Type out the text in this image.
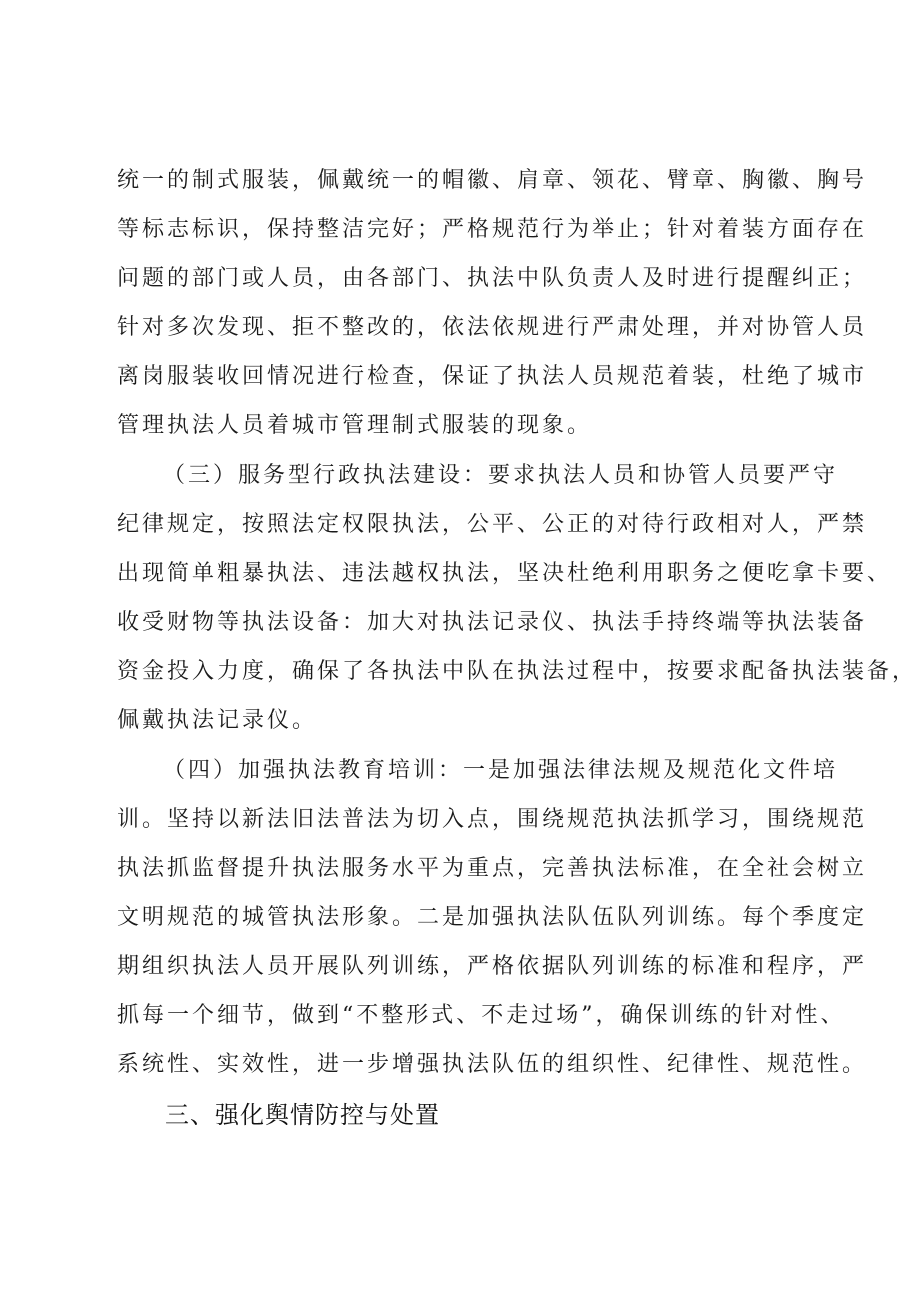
统一的制式服装，佩戴统一的帽徽、肩章、领花、臂章、胸徽、胸号
等标志标识，保持整洁完好；严格规范行为举止；针对着装方面存在
问题的部门或人员，由各部门、执法中队负责人及时进行提醒纠正；
针对多次发现、拒不整改的，依法依规进行严肃处理，并对协管人员
离岗服装收回情况进行检查，保证了执法人员规范着装，杜绝了城市
管理执法人员着城市管理制式服装的现象。
（三）服务型行政执法建设：要求执法人员和协管人员要严守
纪律规定，按照法定权限执法，公平、公正的对待行政相对人，严禁
出现简单粗暴执法、违法越权执法，坚决杜绝利用职务之便吃拿卡要、
收受财物等执法设备：加大对执法记录仪、执法手持终端等执法装备
资金投入力度，确保了各执法中队在执法过程中，按要求配备执法装备，
佩戴执法记录仪。
（四）加强执法教育培训：一是加强法律法规及规范化文件培
训。坚持以新法旧法普法为切入点，围绕规范执法抓学习，围绕规范
执法抓监督提升执法服务水平为重点，完善执法标准，在全社会树立
文明规范的城管执法形象。二是加强执法队伍队列训练。每个季度定
期组织执法人员开展队列训练，严格依据队列训练的标准和程序，严
抓每一个细节，做到“不整形式、不走过场”，确保训练的针对性、
系统性、实效性，进一步增强执法队伍的组织性、纪律性、规范性。
三、强化舆情防控与处置
